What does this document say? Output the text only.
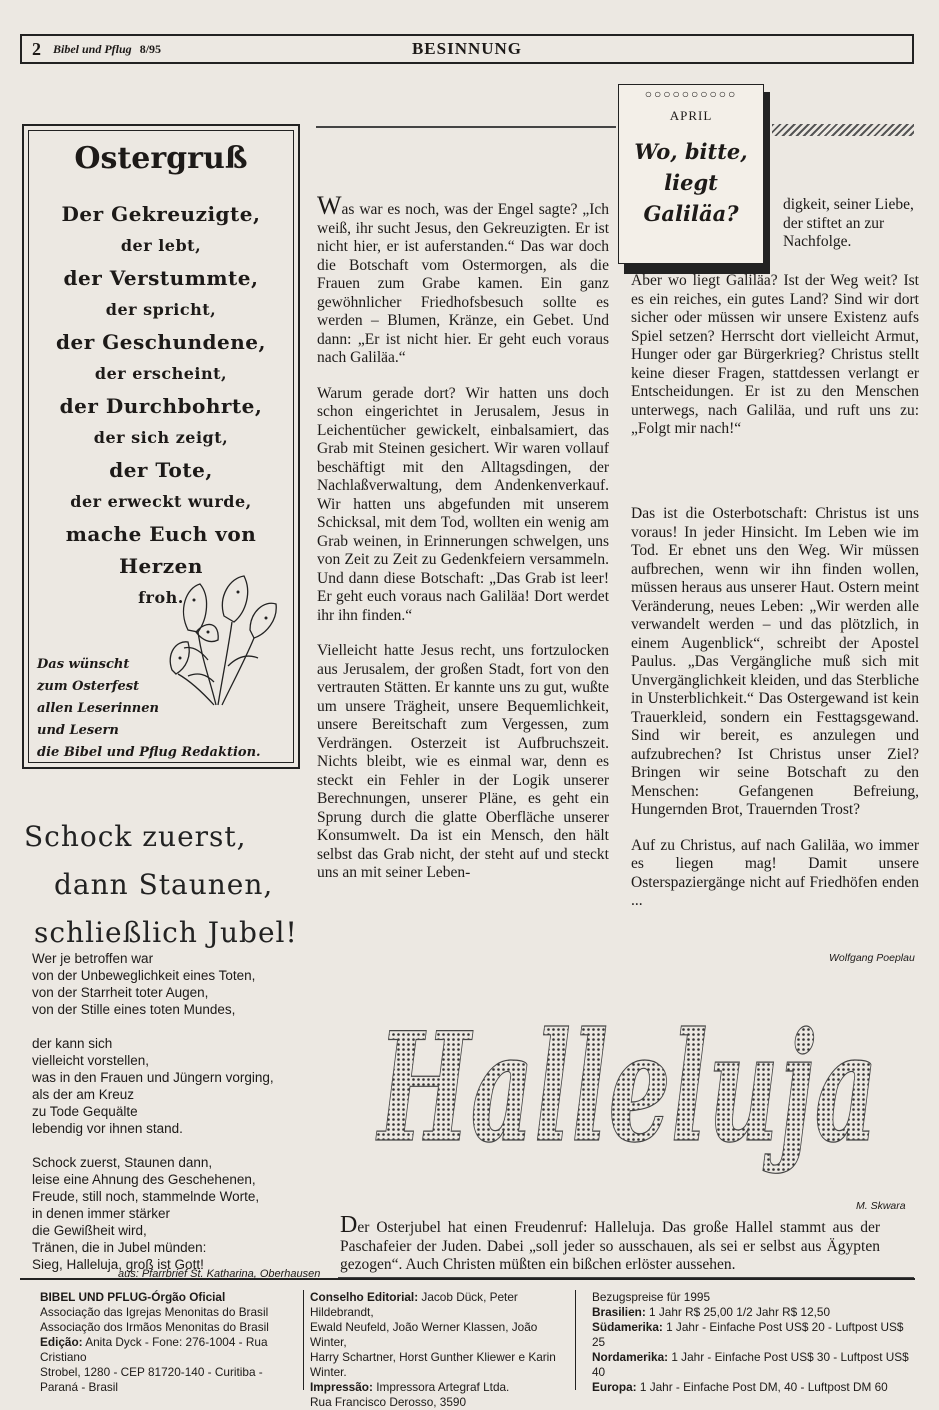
2 Bibel und Pflug 8/95	BESINNUNG
Ostergruß
Der Gekreuzigte,
der lebt,
der Verstummte,
der spricht,
der Geschundene,
der erscheint,
der Durchbohrte,
der sich zeigt,
der Tote,
der erweckt wurde,
mache Euch von Herzen
froh.
Das wünscht
zum Osterfest
allen Leserinnen
und Lesern
die Bibel und Pflug Redaktion.
Schock zuerst,
dann Staunen,
schließlich Jubel!

Wer je betroffen war
von der Unbeweglichkeit eines Toten,
von der Starrheit toter Augen,
von der Stille eines toten Mundes,

der kann sich
vielleicht vorstellen,
was in den Frauen und Jüngern vorging,
als der am Kreuz
zu Tode Gequälte
lebendig vor ihnen stand.

Schock zuerst, Staunen dann,
leise eine Ahnung des Geschehenen,
Freude, still noch, stammelnde Worte,
in denen immer stärker
die Gewißheit wird,
Tränen, die in Jubel münden:
Sieg, Halleluja, groß ist Gott!

aus: Pfarrbrief St. Katharina, Oberhausen
○○○○○○○○○○
APRIL
Wo, bitte,
liegt
Galiläa?

Was war es noch, was der Engel sagte? „Ich weiß, ihr sucht Jesus, den Gekreuzigten. Er ist nicht hier, er ist auferstanden.“ Das war doch die Botschaft vom Ostermorgen, als die Frauen zum Grabe kamen. Ein ganz gewöhnlicher Friedhofsbesuch sollte es werden – Blumen, Kränze, ein Gebet. Und dann: „Er ist nicht hier. Er geht euch voraus nach Galiläa.“

Warum gerade dort? Wir hatten uns doch schon eingerichtet in Jerusalem, Jesus in Leichentücher gewickelt, einbalsamiert, das Grab mit Steinen gesichert. Wir waren vollauf beschäftigt mit den Alltagsdingen, der Nachlaßverwaltung, dem Andenkenverkauf. Wir hatten uns abgefunden mit unserem Schicksal, mit dem Tod, wollten ein wenig am Grab weinen, in Erinnerungen schwelgen, uns von Zeit zu Zeit zu Gedenkfeiern versammeln. Und dann diese Botschaft: „Das Grab ist leer! Er geht euch voraus nach Galiläa! Dort werdet ihr ihn finden.“

Vielleicht hatte Jesus recht, uns fortzulocken aus Jerusalem, der großen Stadt, fort von den vertrauten Stätten. Er kannte uns zu gut, wußte um unsere Trägheit, unsere Bequemlichkeit, unsere Bereitschaft zum Vergessen, zum Verdrängen. Osterzeit ist Aufbruchszeit. Nichts bleibt, wie es einmal war, denn es steckt ein Fehler in der Logik unserer Berechnungen, unserer Pläne, es geht ein Sprung durch die glatte Oberfläche unserer Konsumwelt. Da ist ein Mensch, den hält selbst das Grab nicht, der steht auf und steckt uns an mit seiner Leben-

digkeit, seiner Liebe, der stiftet an zur Nachfolge.

Aber wo liegt Galiläa? Ist der Weg weit? Ist es ein reiches, ein gutes Land? Sind wir dort sicher oder müssen wir unsere Existenz aufs Spiel setzen? Herrscht dort vielleicht Armut, Hunger oder gar Bürgerkrieg? Christus stellt keine dieser Fragen, stattdessen verlangt er Entscheidungen. Er ist zu den Menschen unterwegs, nach Galiläa, und ruft uns zu: „Folgt mir nach!“

Das ist die Osterbotschaft: Christus ist uns voraus! In jeder Hinsicht. Im Leben wie im Tod. Er ebnet uns den Weg. Wir müssen aufbrechen, wenn wir ihn finden wollen, müssen heraus aus unserer Haut. Ostern meint Veränderung, neues Leben: „Wir werden alle verwandelt werden – und das plötzlich, in einem Augenblick“, schreibt der Apostel Paulus. „Das Vergängliche muß sich mit Unvergänglichkeit kleiden, und das Sterbliche in Unsterblichkeit.“ Das Ostergewand ist kein Trauerkleid, sondern ein Festtagsgewand. Sind wir bereit, es anzulegen und aufzubrechen? Ist Christus unser Ziel? Bringen wir seine Botschaft zu den Menschen: Gefangenen Befreiung, Hungernden Brot, Trauernden Trost?

Auf zu Christus, auf nach Galiläa, wo immer es liegen mag! Damit unsere Osterspaziergänge nicht auf Friedhöfen enden ...

Wolfgang Poeplau
Halleluja
M. Skwara
Der Osterjubel hat einen Freudenruf: Halleluja. Das große Hallel stammt aus der Paschafeier der Juden. Dabei „soll jeder so ausschauen, als sei er selbst aus Ägypten gezogen“. Auch Christen müßten ein bißchen erlöster aussehen.
BIBEL UND PFLUG-Órgão Oficial
Associação das Igrejas Menonitas do Brasil
Associação dos Irmãos Menonitas do Brasil
Edição: Anita Dyck - Fone: 276-1004 - Rua Cristiano
Strobel, 1280 - CEP 81720-140 - Curitiba - Paraná - Brasil
Conselho Editorial: Jacob Dück, Peter Hildebrandt,
Ewald Neufeld, João Werner Klassen, João Winter,
Harry Schartner, Horst Gunther Kliewer e Karin Winter.
Impressão: Impressora Artegraf Ltda.
Rua Francisco Derosso, 3590
Bezugspreise für 1995
Brasilien: 1 Jahr R$ 25,00 1/2 Jahr R$ 12,50
Südamerika: 1 Jahr - Einfache Post US$ 20 - Luftpost US$ 25
Nordamerika: 1 Jahr - Einfache Post US$ 30 - Luftpost US$ 40
Europa: 1 Jahr - Einfache Post DM, 40 - Luftpost DM 60
